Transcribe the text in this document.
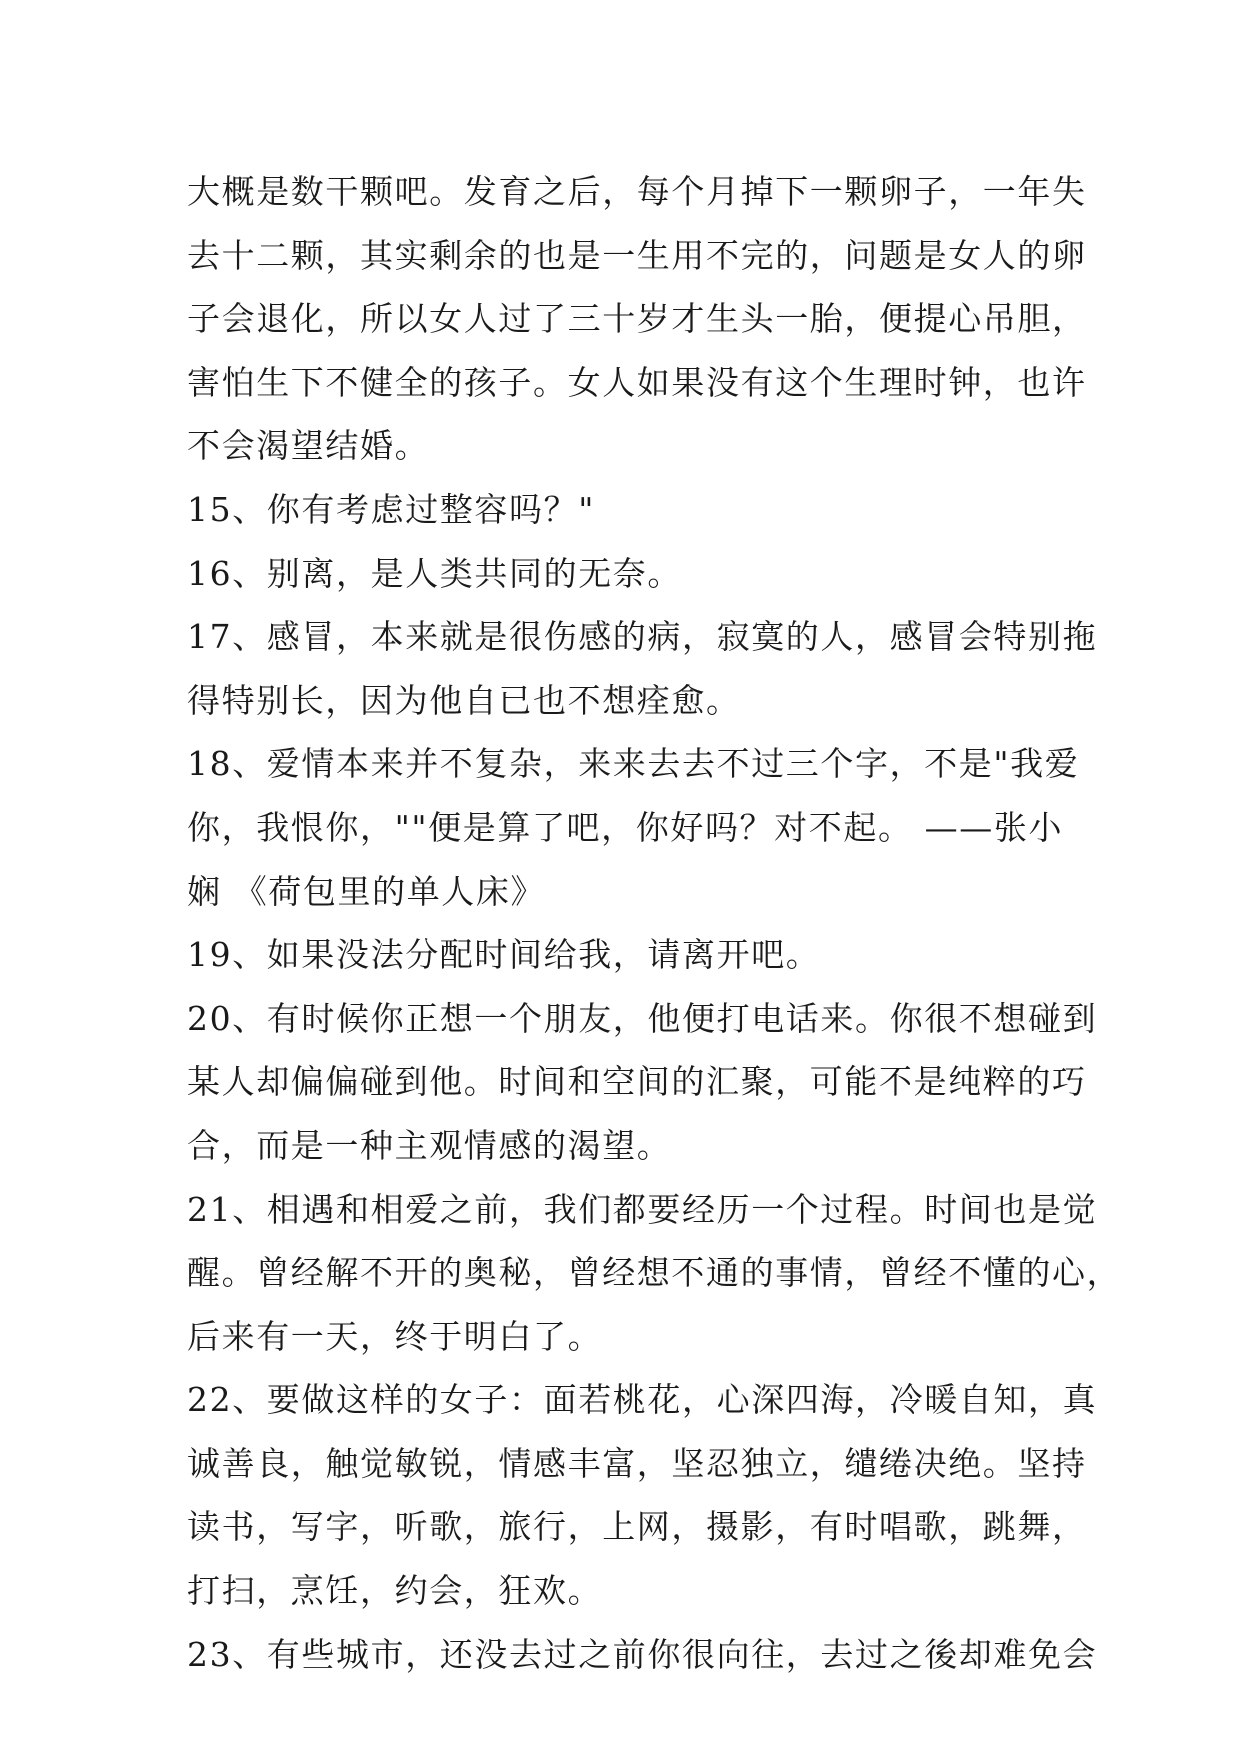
大概是数干颗吧。发育之后，每个月掉下一颗卵子，一年失
去十二颗，其实剩余的也是一生用不完的，问题是女人的卵
子会退化，所以女人过了三十岁才生头一胎，便提心吊胆，
害怕生下不健全的孩子。女人如果没有这个生理时钟，也许
不会渴望结婚。
15、你有考虑过整容吗？"
16、别离，是人类共同的无奈。
17、感冒，本来就是很伤感的病，寂寞的人，感冒会特别拖
得特别长，因为他自已也不想痊愈。
18、爱情本来并不复杂，来来去去不过三个字，不是"我爱
你，我恨你，""便是算了吧，你好吗？对不起。 ——张小
娴 《荷包里的单人床》
19、如果没法分配时间给我，请离开吧。
20、有时候你正想一个朋友，他便打电话来。你很不想碰到
某人却偏偏碰到他。时间和空间的汇聚，可能不是纯粹的巧
合，而是一种主观情感的渴望。
21、相遇和相爱之前，我们都要经历一个过程。时间也是觉
醒。曾经解不开的奥秘，曾经想不通的事情，曾经不懂的心，
后来有一天，终于明白了。
22、要做这样的女子：面若桃花，心深四海，冷暖自知，真
诚善良，触觉敏锐，情感丰富，坚忍独立，缱绻决绝。坚持
读书，写字，听歌，旅行，上网，摄影，有时唱歌，跳舞，
打扫，烹饪，约会，狂欢。
23、有些城市，还没去过之前你很向往，去过之後却难免会
